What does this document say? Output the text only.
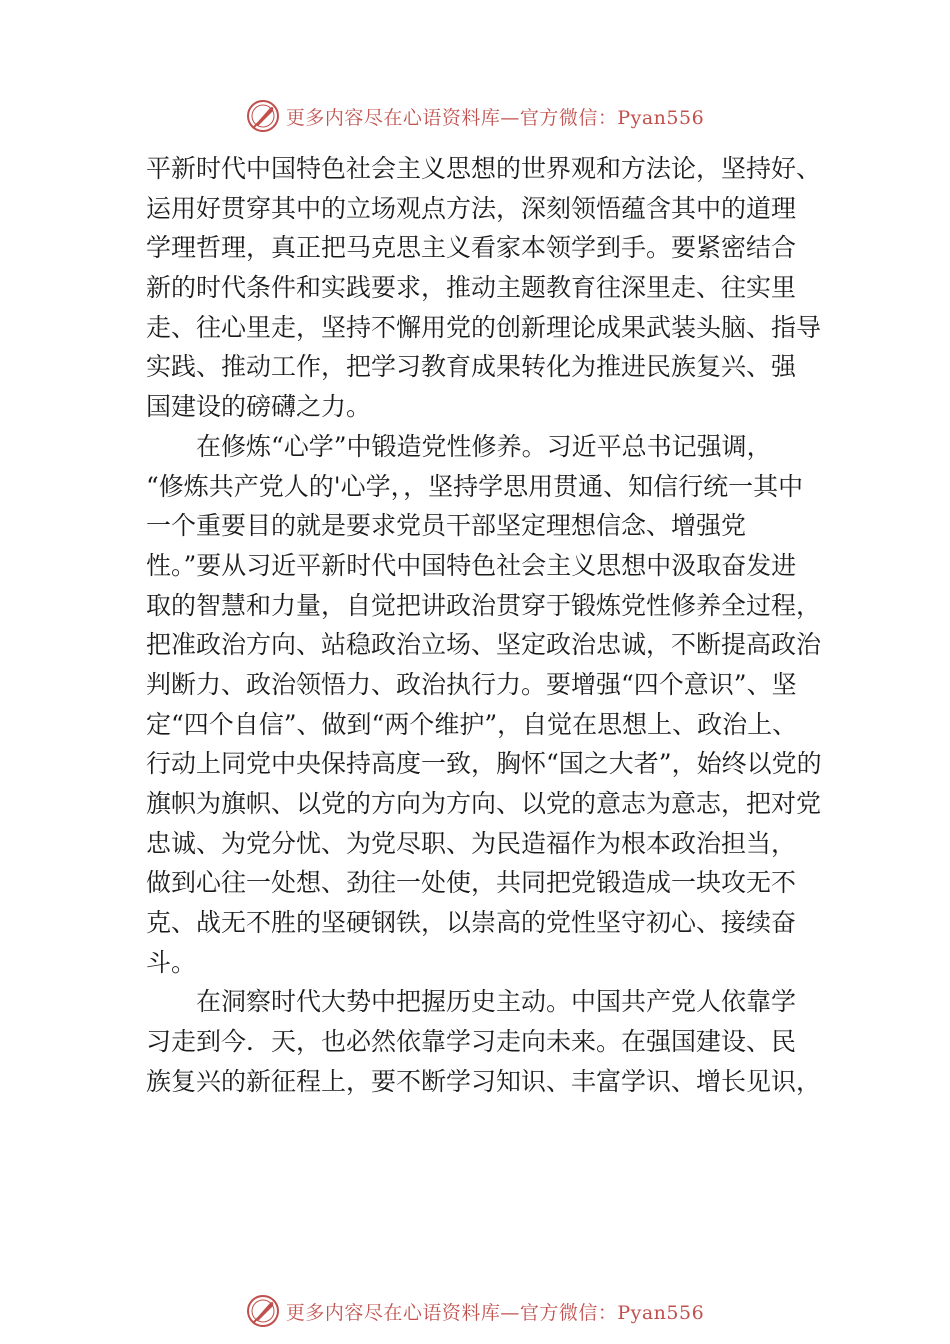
更多内容尽在心语资料库—官方微信：Pyan556
平新时代中国特色社会主义思想的世界观和方法论，坚持好、
运用好贯穿其中的立场观点方法，深刻领悟蕴含其中的道理
学理哲理，真正把马克思主义看家本领学到手。要紧密结合
新的时代条件和实践要求，推动主题教育往深里走、往实里
走、往心里走，坚持不懈用党的创新理论成果武装头脑、指导
实践、推动工作，把学习教育成果转化为推进民族复兴、强
国建设的磅礴之力。
在修炼“心学”中锻造党性修养。习近平总书记强调，
“修炼共产党人的'心学，，坚持学思用贯通、知信行统一其中
一个重要目的就是要求党员干部坚定理想信念、增强党
性。”要从习近平新时代中国特色社会主义思想中汲取奋发进
取的智慧和力量，自觉把讲政治贯穿于锻炼党性修养全过程，
把准政治方向、站稳政治立场、坚定政治忠诚，不断提高政治
判断力、政治领悟力、政治执行力。要增强“四个意识”、坚
定“四个自信”、做到“两个维护”，自觉在思想上、政治上、
行动上同党中央保持高度一致，胸怀“国之大者”，始终以党的
旗帜为旗帜、以党的方向为方向、以党的意志为意志，把对党
忠诚、为党分忧、为党尽职、为民造福作为根本政治担当，
做到心往一处想、劲往一处使，共同把党锻造成一块攻无不
克、战无不胜的坚硬钢铁，以崇高的党性坚守初心、接续奋
斗。
在洞察时代大势中把握历史主动。中国共产党人依靠学
习走到今．天，也必然依靠学习走向未来。在强国建设、民
族复兴的新征程上，要不断学习知识、丰富学识、增长见识，
更多内容尽在心语资料库—官方微信：Pyan556
